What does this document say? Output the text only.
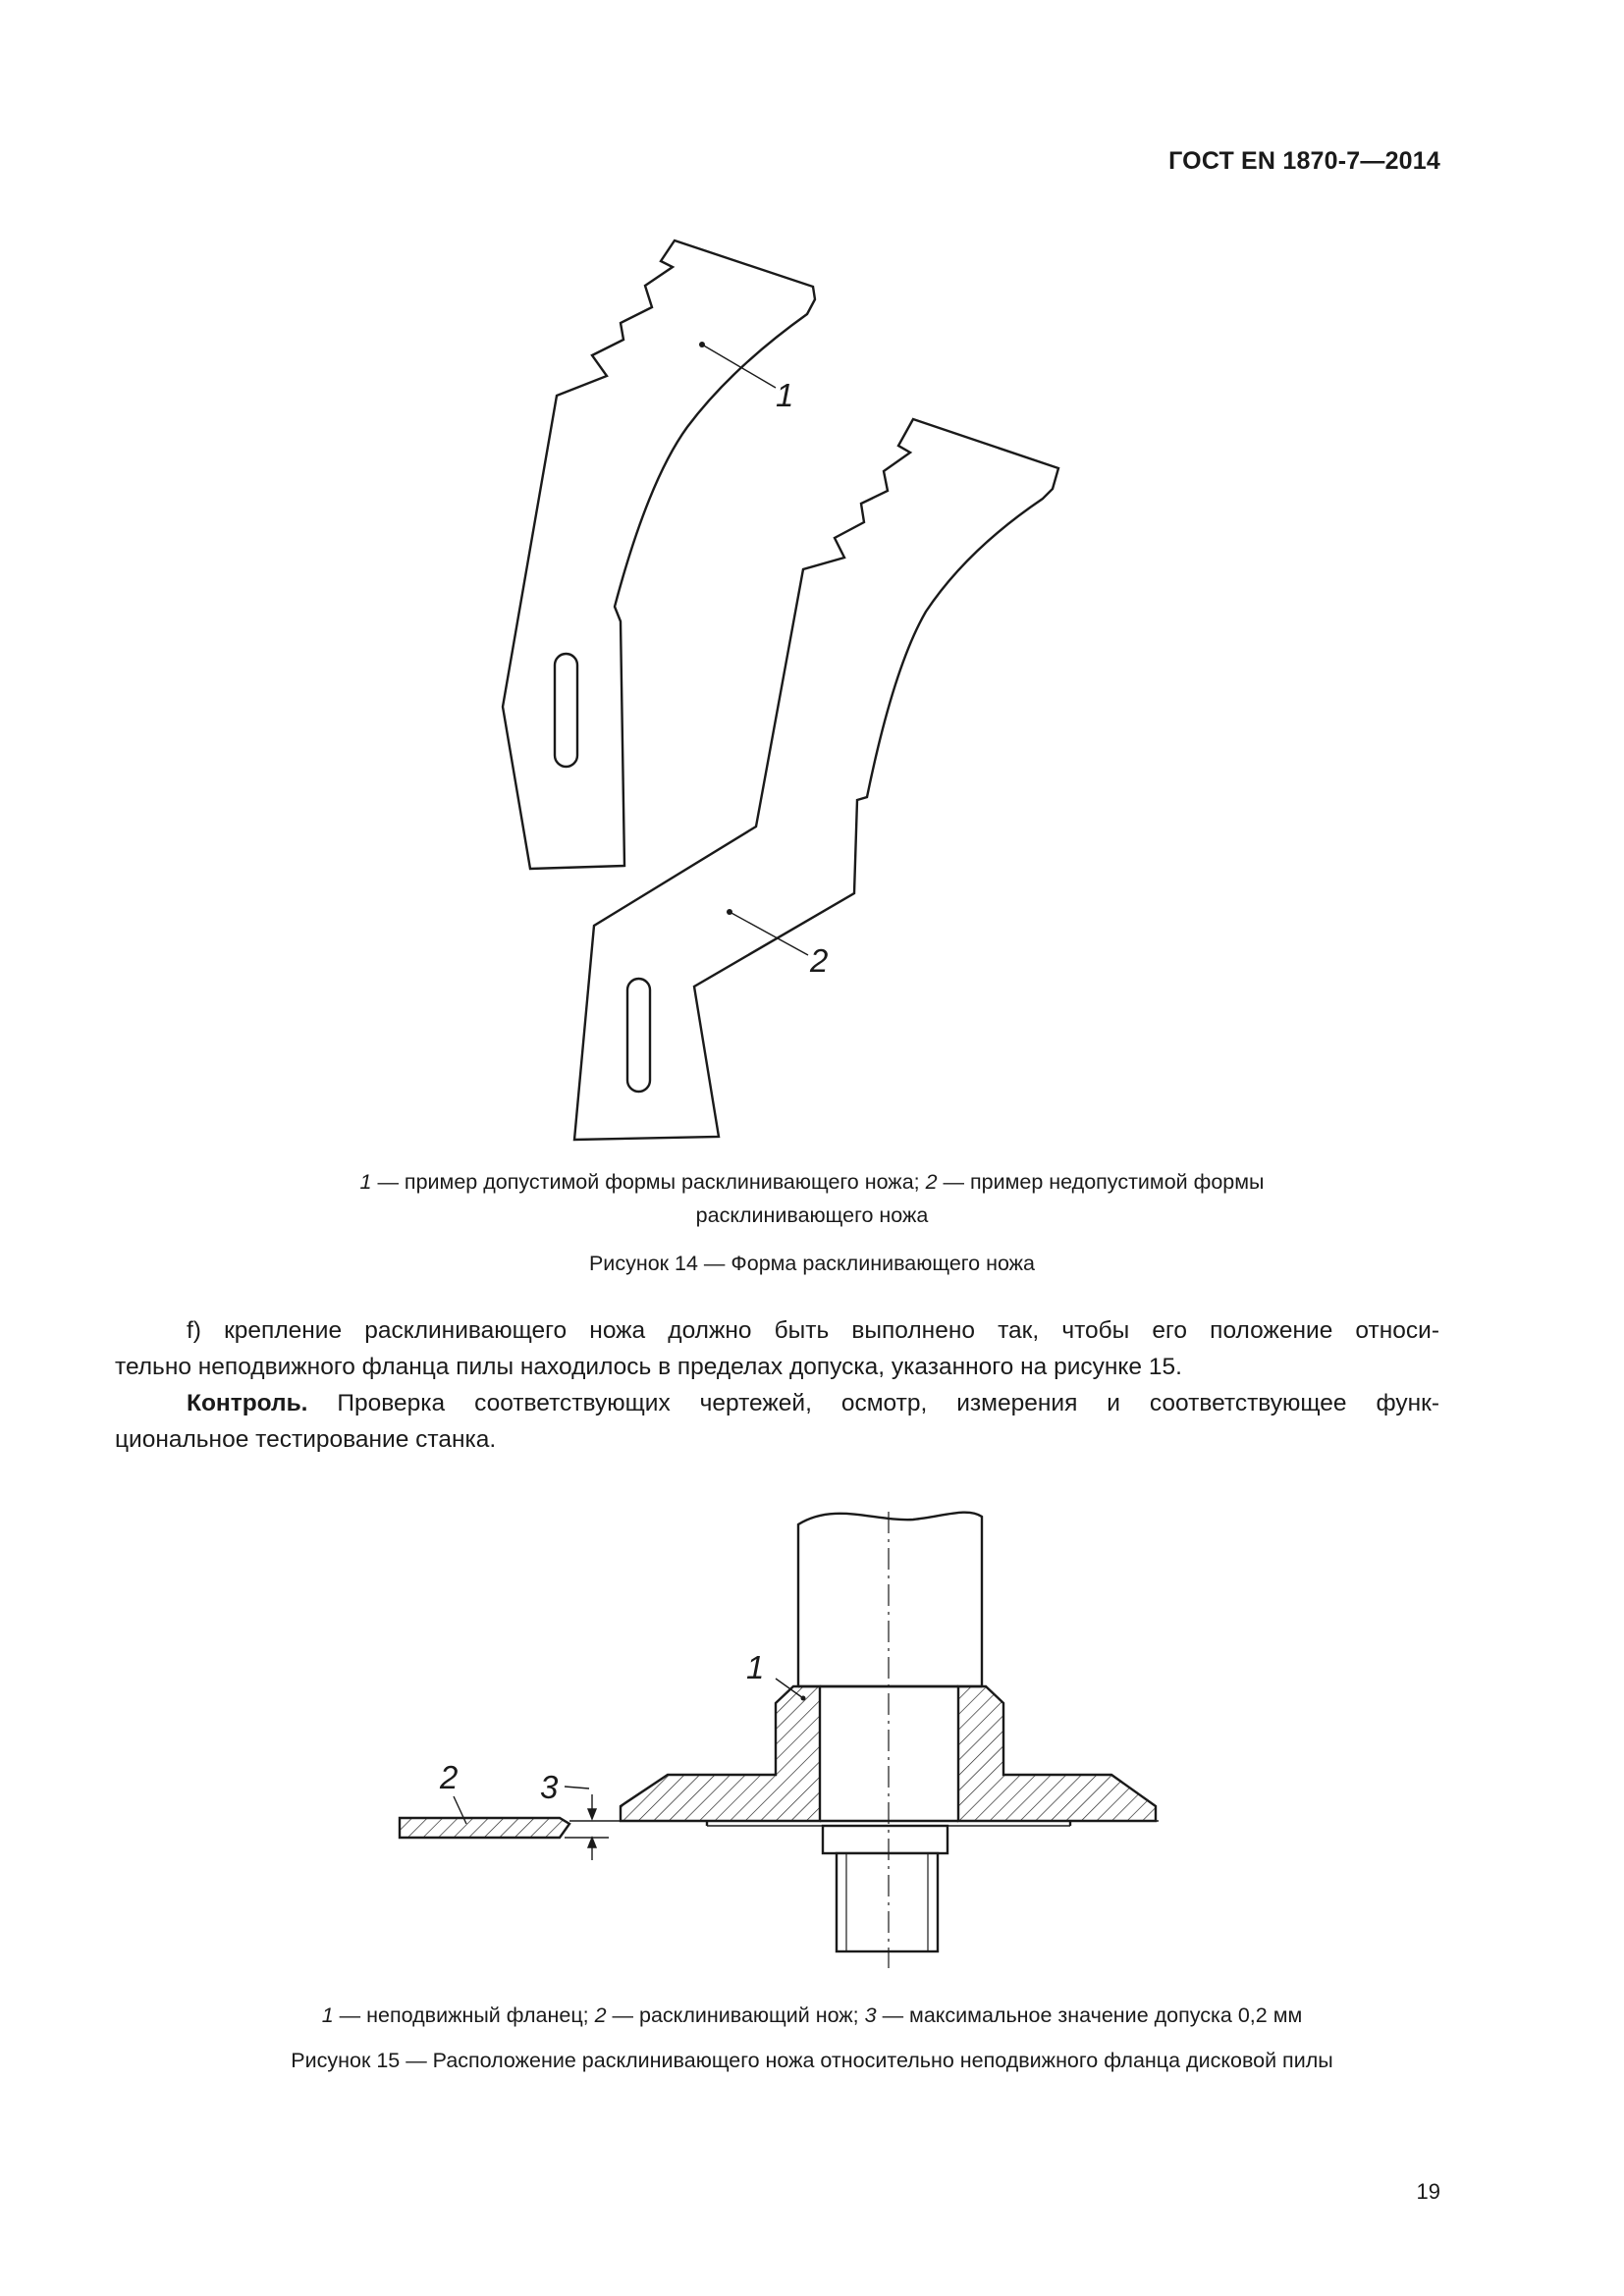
ГОСТ EN 1870-7—2014
1
2
1 — пример допустимой формы расклинивающего ножа; 2 — пример недопустимой формы
расклинивающего ножа
Рисунок 14 — Форма расклинивающего ножа
f) крепление расклинивающего ножа должно быть выполнено так, чтобы его положение относи-
тельно неподвижного фланца пилы находилось в пределах допуска, указанного на рисунке 15.
Контроль. Проверка соответствующих чертежей, осмотр, измерения и соответствующее функ-
циональное тестирование станка.
1
2	3
1 — неподвижный фланец; 2 — расклинивающий нож; 3 — максимальное значение допуска 0,2 мм
Рисунок 15 — Расположение расклинивающего ножа относительно неподвижного фланца дисковой пилы
19
